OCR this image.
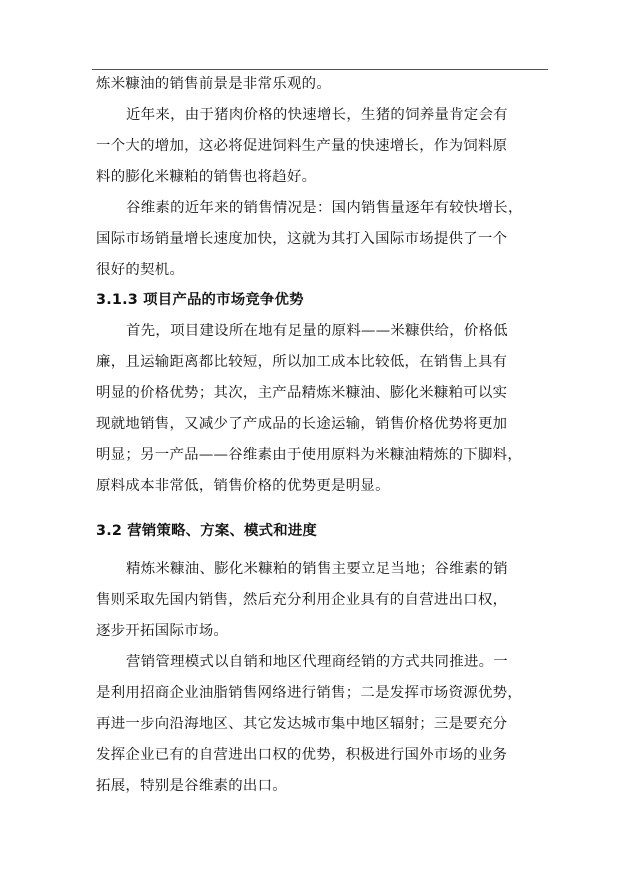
炼米糠油的销售前景是非常乐观的。
近年来，由于猪肉价格的快速增长，生猪的饲养量肯定会有
一个大的增加，这必将促进饲料生产量的快速增长，作为饲料原
料的膨化米糠粕的销售也将趋好。
谷维素的近年来的销售情况是：国内销售量逐年有较快增长，
国际市场销量增长速度加快，这就为其打入国际市场提供了一个
很好的契机。
3.1.3 项目产品的市场竞争优势
首先，项目建设所在地有足量的原料——米糠供给，价格低
廉，且运输距离都比较短，所以加工成本比较低，在销售上具有
明显的价格优势；其次，主产品精炼米糠油、膨化米糠粕可以实
现就地销售，又减少了产成品的长途运输，销售价格优势将更加
明显；另一产品——谷维素由于使用原料为米糠油精炼的下脚料，
原料成本非常低，销售价格的优势更是明显。
3.2 营销策略、方案、模式和进度
精炼米糠油、膨化米糠粕的销售主要立足当地；谷维素的销
售则采取先国内销售，然后充分利用企业具有的自营进出口权，
逐步开拓国际市场。
营销管理模式以自销和地区代理商经销的方式共同推进。一
是利用招商企业油脂销售网络进行销售；二是发挥市场资源优势，
再进一步向沿海地区、其它发达城市集中地区辐射；三是要充分
发挥企业已有的自营进出口权的优势，积极进行国外市场的业务
拓展，特别是谷维素的出口。
